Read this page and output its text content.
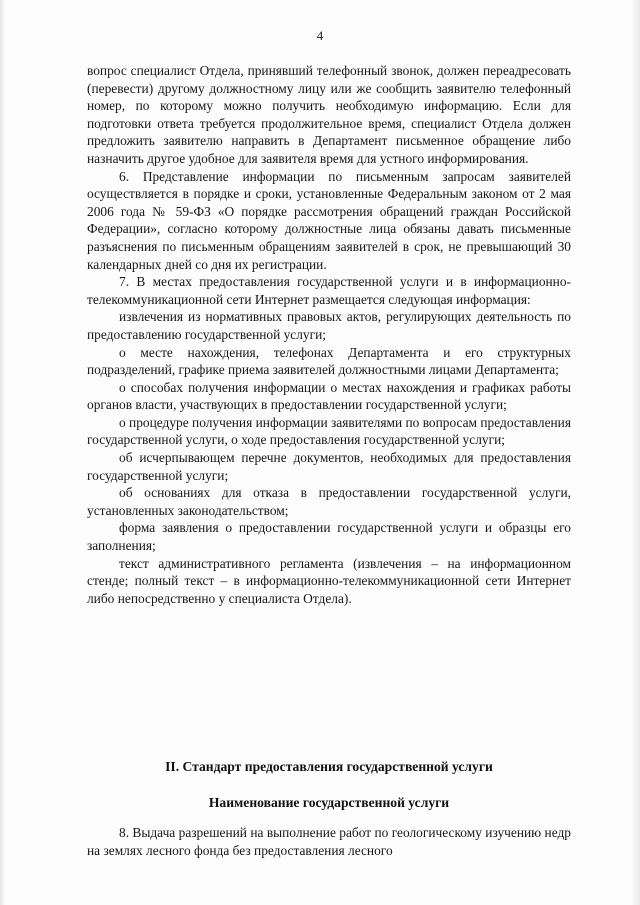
4

вопрос специалист Отдела, принявший телефонный звонок, должен переадресовать (перевести) другому должностному лицу или же сообщить заявителю телефонный номер, по которому можно получить необходимую информацию. Если для подготовки ответа требуется продолжительное время, специалист Отдела должен предложить заявителю направить в Департамент письменное обращение либо назначить другое удобное для заявителя время для устного информирования.

6. Представление информации по письменным запросам заявителей осуществляется в порядке и сроки, установленные Федеральным законом от 2 мая 2006 года № 59-ФЗ «О порядке рассмотрения обращений граждан Российской Федерации», согласно которому должностные лица обязаны давать письменные разъяснения по письменным обращениям заявителей в срок, не превышающий 30 календарных дней со дня их регистрации.

7. В местах предоставления государственной услуги и в информационно-телекоммуникационной сети Интернет размещается следующая информация:

извлечения из нормативных правовых актов, регулирующих деятельность по предоставлению государственной услуги;

о месте нахождения, телефонах Департамента и его структурных подразделений, графике приема заявителей должностными лицами Департамента;

о способах получения информации о местах нахождения и графиках работы органов власти, участвующих в предоставлении государственной услуги;

о процедуре получения информации заявителями по вопросам предоставления государственной услуги, о ходе предоставления государственной услуги;

об исчерпывающем перечне документов, необходимых для предоставления государственной услуги;

об основаниях для отказа в предоставлении государственной услуги, установленных законодательством;

форма заявления о предоставлении государственной услуги и образцы его заполнения;

текст административного регламента (извлечения – на информационном стенде; полный текст – в информационно-телекоммуникационной сети Интернет либо непосредственно у специалиста Отдела).

II. Стандарт предоставления государственной услуги

Наименование государственной услуги

8. Выдача разрешений на выполнение работ по геологическому изучению недр на землях лесного фонда без предоставления лесного
